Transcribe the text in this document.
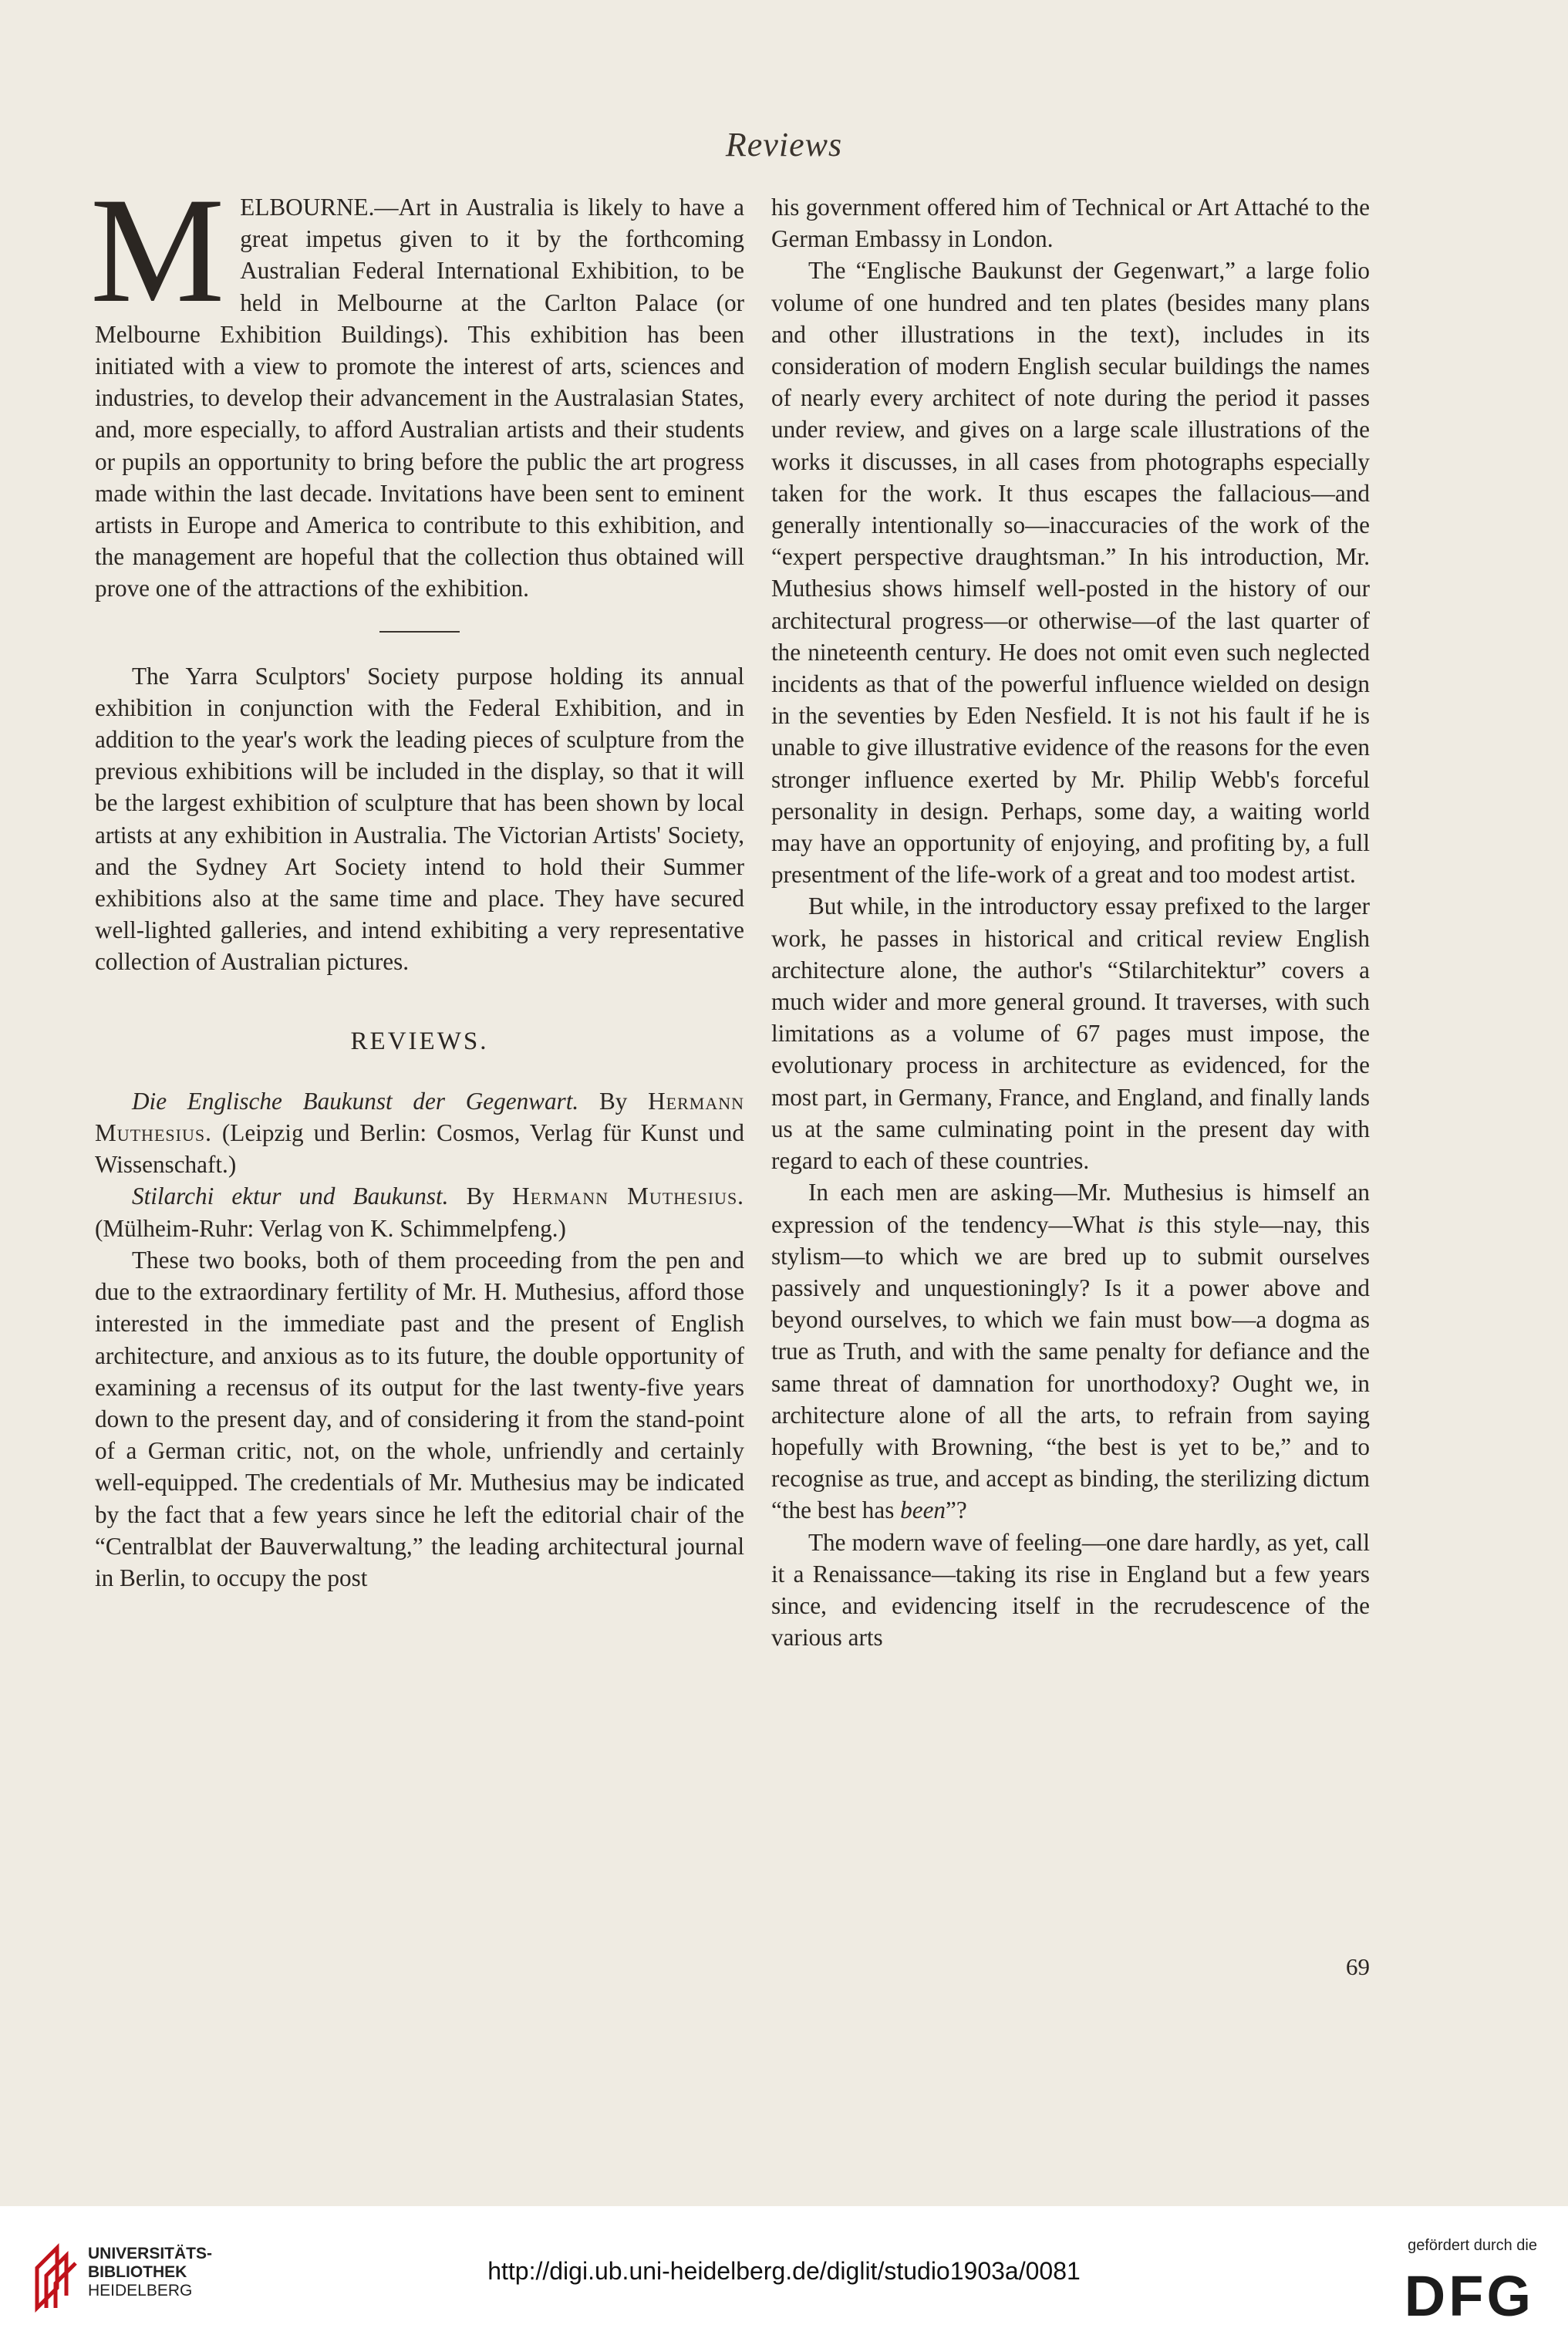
Reviews

MELBOURNE.—Art in Australia is likely to have a great impetus given to it by the forthcoming Australian Federal International Exhibition, to be held in Melbourne at the Carlton Palace (or Melbourne Exhibition Buildings). This exhibition has been initiated with a view to promote the interest of arts, sciences and industries, to develop their advancement in the Australasian States, and, more especially, to afford Australian artists and their students or pupils an opportunity to bring before the public the art progress made within the last decade. Invitations have been sent to eminent artists in Europe and America to contribute to this exhibition, and the management are hopeful that the collection thus obtained will prove one of the attractions of the exhibition.

The Yarra Sculptors' Society purpose holding its annual exhibition in conjunction with the Federal Exhibition, and in addition to the year's work the leading pieces of sculpture from the previous exhibitions will be included in the display, so that it will be the largest exhibition of sculpture that has been shown by local artists at any exhibition in Australia. The Victorian Artists' Society, and the Sydney Art Society intend to hold their Summer exhibitions also at the same time and place. They have secured well-lighted galleries, and intend exhibiting a very representative collection of Australian pictures.

REVIEWS.

Die Englische Baukunst der Gegenwart. By Hermann Muthesius. (Leipzig und Berlin: Cosmos, Verlag für Kunst und Wissenschaft.)

Stilarchi ektur und Baukunst. By Hermann Muthesius. (Mülheim-Ruhr: Verlag von K. Schimmelpfeng.)

These two books, both of them proceeding from the pen and due to the extraordinary fertility of Mr. H. Muthesius, afford those interested in the immediate past and the present of English architecture, and anxious as to its future, the double opportunity of examining a recensus of its output for the last twenty-five years down to the present day, and of considering it from the stand-point of a German critic, not, on the whole, unfriendly and certainly well-equipped. The credentials of Mr. Muthesius may be indicated by the fact that a few years since he left the editorial chair of the “Centralblat der Bauverwaltung,” the leading architectural journal in Berlin, to occupy the post

his government offered him of Technical or Art Attaché to the German Embassy in London.

The “Englische Baukunst der Gegenwart,” a large folio volume of one hundred and ten plates (besides many plans and other illustrations in the text), includes in its consideration of modern English secular buildings the names of nearly every architect of note during the period it passes under review, and gives on a large scale illustrations of the works it discusses, in all cases from photographs especially taken for the work. It thus escapes the fallacious—and generally intentionally so—inaccuracies of the work of the “expert perspective draughtsman.” In his introduction, Mr. Muthesius shows himself well-posted in the history of our architectural progress—or otherwise—of the last quarter of the nineteenth century. He does not omit even such neglected incidents as that of the powerful influence wielded on design in the seventies by Eden Nesfield. It is not his fault if he is unable to give illustrative evidence of the reasons for the even stronger influence exerted by Mr. Philip Webb's forceful personality in design. Perhaps, some day, a waiting world may have an opportunity of enjoying, and profiting by, a full presentment of the life-work of a great and too modest artist.

But while, in the introductory essay prefixed to the larger work, he passes in historical and critical review English architecture alone, the author's “Stilarchitektur” covers a much wider and more general ground. It traverses, with such limitations as a volume of 67 pages must impose, the evolutionary process in architecture as evidenced, for the most part, in Germany, France, and England, and finally lands us at the same culminating point in the present day with regard to each of these countries.

In each men are asking—Mr. Muthesius is himself an expression of the tendency—What is this style—nay, this stylism—to which we are bred up to submit ourselves passively and unquestioningly? Is it a power above and beyond ourselves, to which we fain must bow—a dogma as true as Truth, and with the same penalty for defiance and the same threat of damnation for unorthodoxy? Ought we, in architecture alone of all the arts, to refrain from saying hopefully with Browning, “the best is yet to be,” and to recognise as true, and accept as binding, the sterilizing dictum “the best has been”?

The modern wave of feeling—one dare hardly, as yet, call it a Renaissance—taking its rise in England but a few years since, and evidencing itself in the recrudescence of the various arts

69
UNIVERSITÄTS-
BIBLIOTHEK
HEIDELBERG
http://digi.ub.uni-heidelberg.de/diglit/studio1903a/0081
gefördert durch die
DFG
